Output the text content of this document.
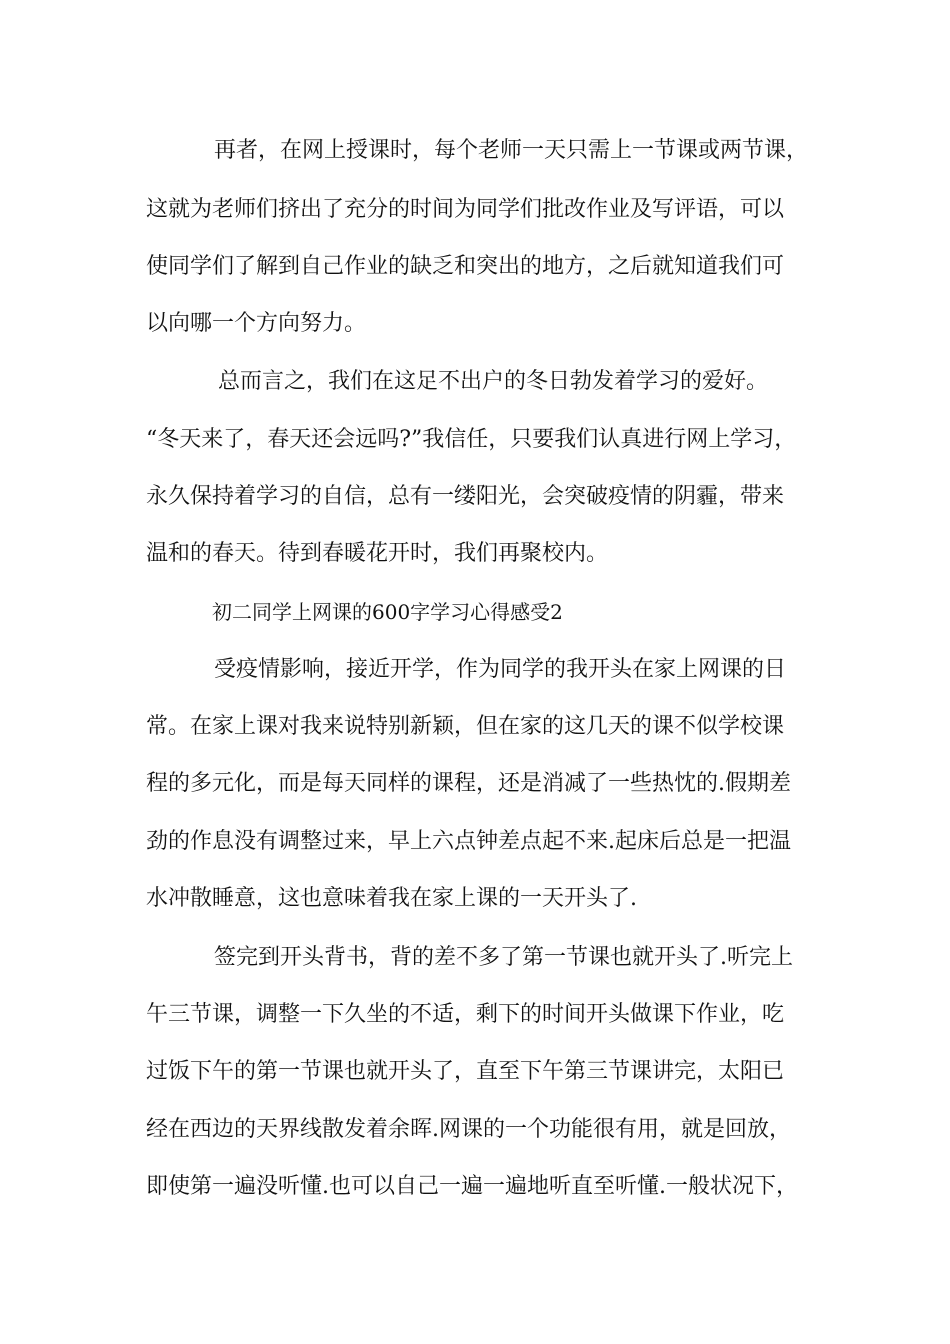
再者，在网上授课时，每个老师一天只需上一节课或两节课，
这就为老师们挤出了充分的时间为同学们批改作业及写评语，可以
使同学们了解到自己作业的缺乏和突出的地方，之后就知道我们可
以向哪一个方向努力。
总而言之，我们在这足不出户的冬日勃发着学习的爱好。
“冬天来了，春天还会远吗?”我信任，只要我们认真进行网上学习，
永久保持着学习的自信，总有一缕阳光，会突破疫情的阴霾，带来
温和的春天。待到春暖花开时，我们再聚校内。
初二同学上网课的600字学习心得感受2
受疫情影响，接近开学，作为同学的我开头在家上网课的日
常。在家上课对我来说特别新颖，但在家的这几天的课不似学校课
程的多元化，而是每天同样的课程，还是消减了一些热忱的.假期差
劲的作息没有调整过来，早上六点钟差点起不来.起床后总是一把温
水冲散睡意，这也意味着我在家上课的一天开头了.
签完到开头背书，背的差不多了第一节课也就开头了.听完上
午三节课，调整一下久坐的不适，剩下的时间开头做课下作业，吃
过饭下午的第一节课也就开头了，直至下午第三节课讲完，太阳已
经在西边的天界线散发着余晖.网课的一个功能很有用，就是回放，
即使第一遍没听懂.也可以自己一遍一遍地听直至听懂.一般状况下，
